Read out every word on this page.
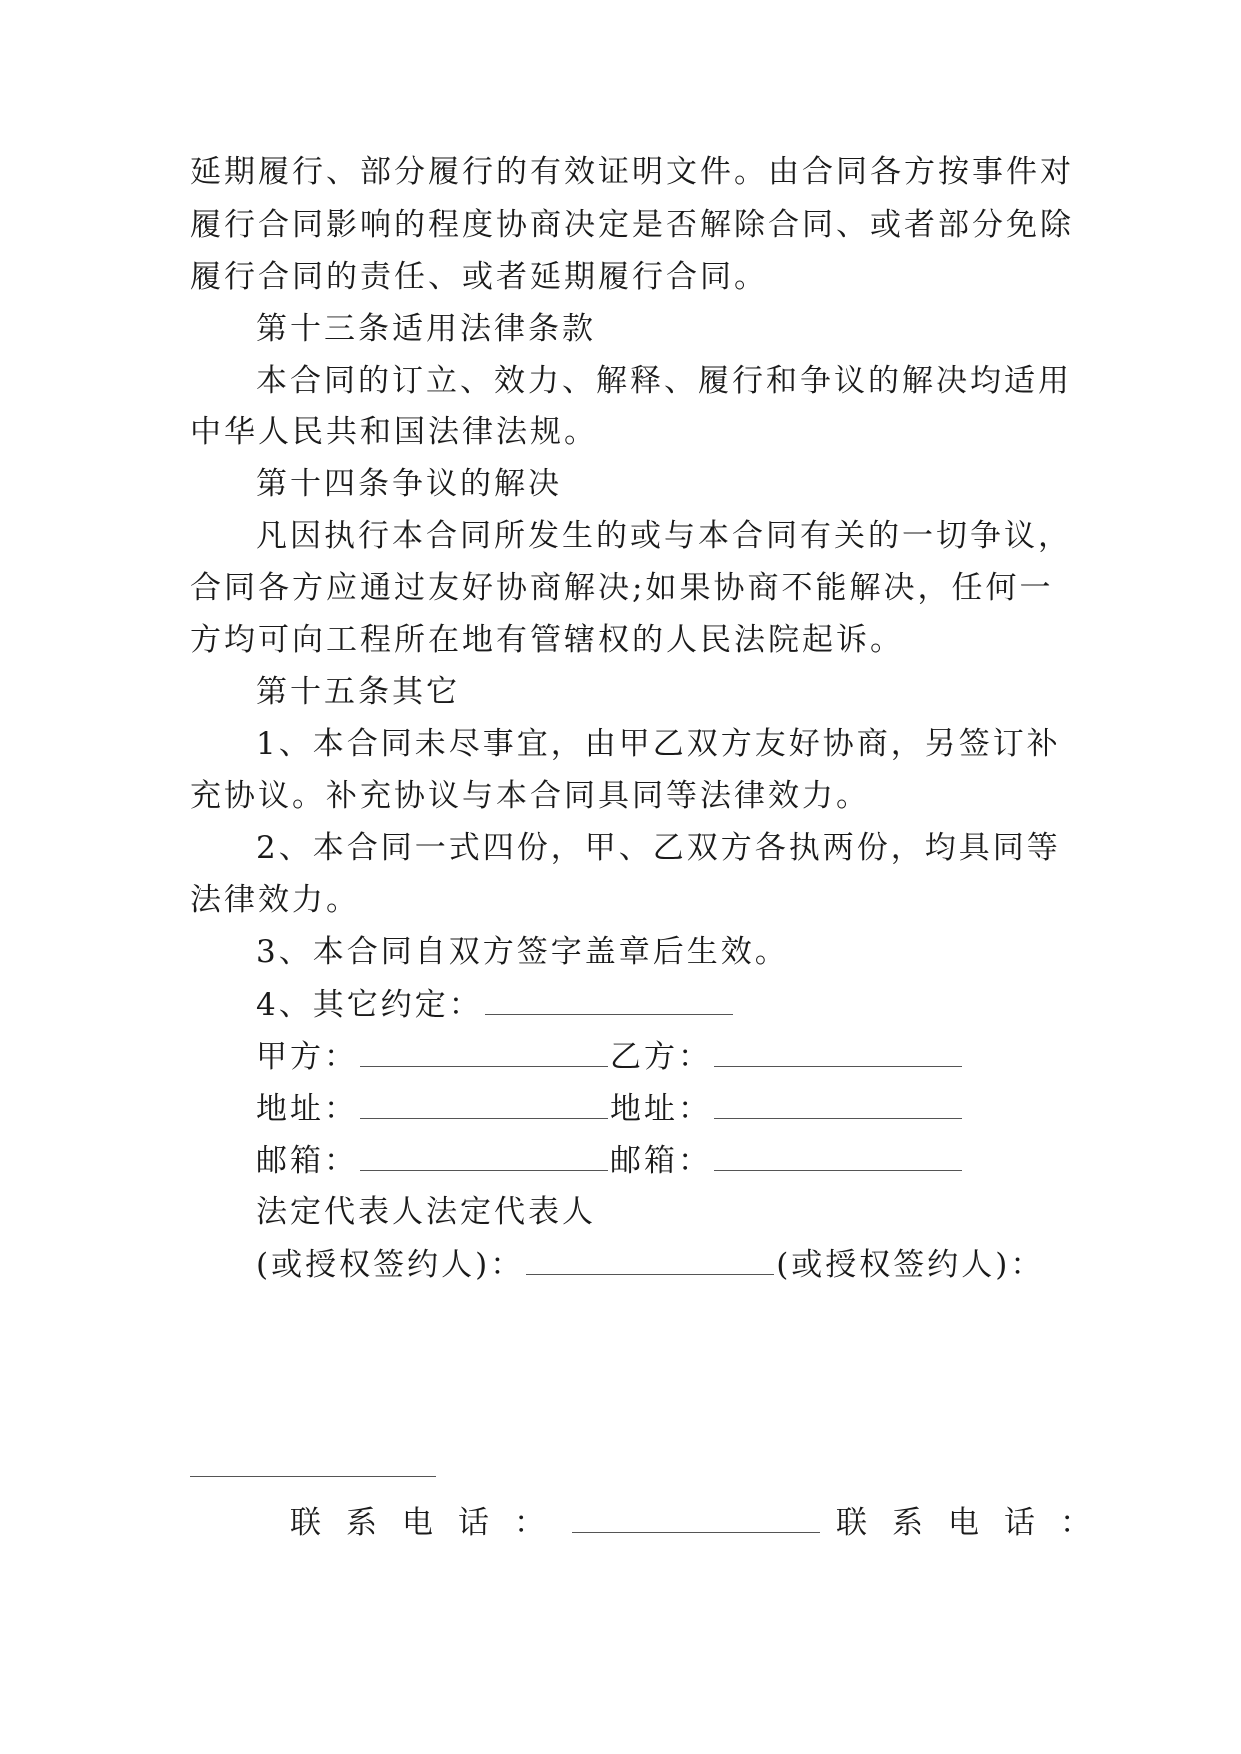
延期履行、部分履行的有效证明文件。由合同各方按事件对
履行合同影响的程度协商决定是否解除合同、或者部分免除
履行合同的责任、或者延期履行合同。
第十三条适用法律条款
本合同的订立、效力、解释、履行和争议的解决均适用
中华人民共和国法律法规。
第十四条争议的解决
凡因执行本合同所发生的或与本合同有关的一切争议，
合同各方应通过友好协商解决;如果协商不能解决，任何一
方均可向工程所在地有管辖权的人民法院起诉。
第十五条其它
1、本合同未尽事宜，由甲乙双方友好协商，另签订补
充协议。补充协议与本合同具同等法律效力。
2、本合同一式四份，甲、乙双方各执两份，均具同等
法律效力。
3、本合同自双方签字盖章后生效。
4、其它约定：
甲方：	乙方：
地址：	地址：
邮箱：	邮箱：
法定代表人法定代表人
(或授权签约人)：	(或授权签约人)：
联系电话：	联系电话：
